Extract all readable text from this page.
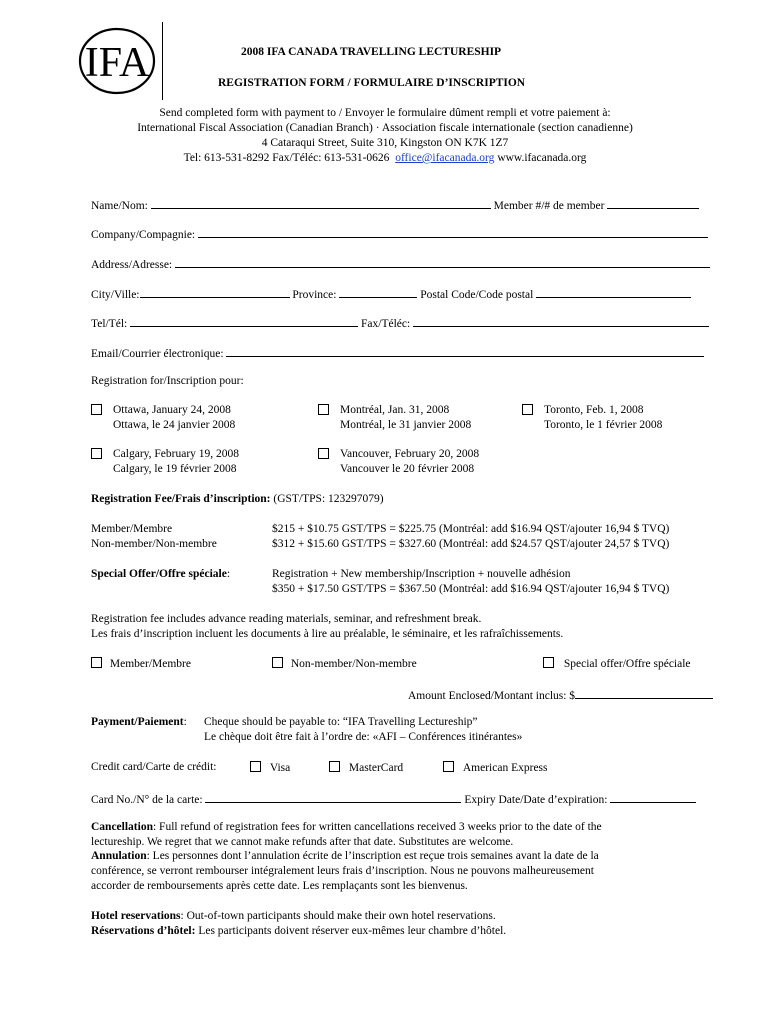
IFA	2008 IFA CANADA TRAVELLING LECTURESHIP
REGISTRATION FORM / FORMULAIRE D’INSCRIPTION
Send completed form with payment to / Envoyer le formulaire dûment rempli et votre paiement à:
International Fiscal Association (Canadian Branch) · Association fiscale internationale (section canadienne)
4 Cataraqui Street, Suite 310, Kingston ON K7K 1Z7
Tel: 613-531-8292 Fax/Téléc: 613-531-0626 office@ifacanada.org www.ifacanada.org
Name/Nom:	Member #/# de member
Company/Compagnie:
Address/Adresse:
City/Ville:	Province:	Postal Code/Code postal
Tel/Tél:	Fax/Téléc:
Email/Courrier électronique:
Registration for/Inscription pour:
Ottawa, January 24, 2008
Ottawa, le 24 janvier 2008
Montréal, Jan. 31, 2008
Montréal, le 31 janvier 2008
Toronto, Feb. 1, 2008
Toronto, le 1 février 2008
Calgary, February 19, 2008
Calgary, le 19 février 2008
Vancouver, February 20, 2008
Vancouver le 20 février 2008
Registration Fee/Frais d’inscription: (GST/TPS: 123297079)
Member/Membre	$215 + $10.75 GST/TPS = $225.75 (Montréal: add $16.94 QST/ajouter 16,94 $ TVQ)
Non-member/Non-membre	$312 + $15.60 GST/TPS = $327.60 (Montréal: add $24.57 QST/ajouter 24,57 $ TVQ)
Special Offer/Offre spéciale:	Registration + New membership/Inscription + nouvelle adhésion
$350 + $17.50 GST/TPS = $367.50 (Montréal: add $16.94 QST/ajouter 16,94 $ TVQ)
Registration fee includes advance reading materials, seminar, and refreshment break.
Les frais d’inscription incluent les documents à lire au préalable, le séminaire, et les rafraîchissements.
Member/Membre	Non-member/Non-membre	Special offer/Offre spéciale
Amount Enclosed/Montant inclus: $
Payment/Paiement: Cheque should be payable to: “IFA Travelling Lectureship”
Le chèque doit être fait à l’ordre de: «AFI – Conférences itinérantes»
Credit card/Carte de crédit:	Visa	MasterCard	American Express
Card No./N° de la carte:	Expiry Date/Date d’expiration:
Cancellation: Full refund of registration fees for written cancellations received 3 weeks prior to the date of the
lectureship. We regret that we cannot make refunds after that date. Substitutes are welcome.
Annulation: Les personnes dont l’annulation écrite de l’inscription est reçue trois semaines avant la date de la
conférence, se verront rembourser intégralement leurs frais d’inscription. Nous ne pouvons malheureusement
accorder de remboursements après cette date. Les remplaçants sont les bienvenus.
Hotel reservations: Out-of-town participants should make their own hotel reservations.
Réservations d’hôtel: Les participants doivent réserver eux-mêmes leur chambre d’hôtel.
